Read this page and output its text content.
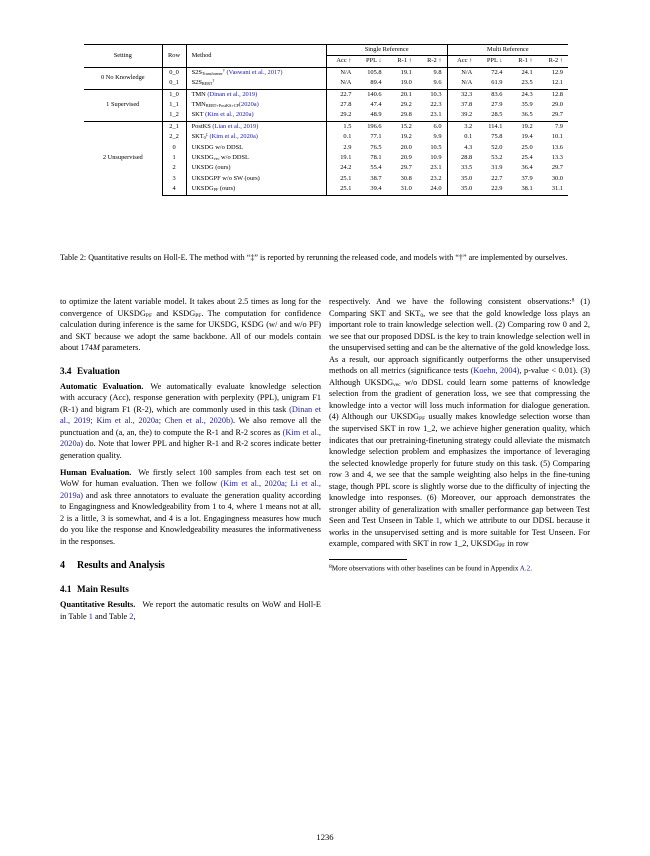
Setting	Row	Method	Single Reference				Multi Reference			
			Acc ↑	PPL ↓	R-1 ↑	R-2 ↑	Acc ↑	PPL ↓	R-1 ↑	R-2 ↑
0 No Knowledge	0_0	$S2S_{Transformer}^\dagger$ (Vaswani et al., 2017)	N/A	105.8	19.1	9.8	N/A	72.4	24.1	12.9
	0_1	$S2S_{BERT}^\dagger$	N/A	89.4	19.0	9.6	N/A	61.9	23.5	12.1
1 Supervised	1_0	TMN (Dinan et al., 2019)	22.7	140.6	20.1	10.3	32.3	83.6	24.3	12.8
	1_1	$TMN_{BERT+PostKS+CP}(2020a)$	27.8	47.4	29.2	22.3	37.8	27.9	35.9	29.0
	1_2	SKT (Kim et al., 2020a)	29.2	48.9	29.8	23.1	39.2	28.5	36.5	29.7
2 Unsupervised	2_1	PostKS (Lian et al., 2019)	1.5	196.6	15.2	6.0	3.2	114.1	19.2	7.9
	2_2	$SKT_0^\ddagger$ (Kim et al., 2020a)	0.1	77.1	19.2	9.9	0.1	75.8	19.4	10.1
	0	UKSDG w/o DDSL	2.9	76.5	20.0	10.5	4.3	52.0	25.0	13.6
	1	$UKSDG_{vec}$ w/o DDSL	19.1	78.1	20.9	10.9	28.8	53.2	25.4	13.3
	2	UKSDG (ours)	24.2	55.4	29.7	23.1	33.5	31.9	36.4	29.7
	3	UKSDGPF w/o SW (ours)	25.1	38.7	30.8	23.2	35.0	22.7	37.9	30.0
	4	$UKSDG_{PF}$ (ours)	25.1	39.4	31.0	24.0	35.0	22.9	38.1	31.1
Table 2: Quantitative results on Holl-E. The method with “‡” is reported by rerunning the released code, and models with “†” are implemented by ourselves.

to optimize the latent variable model. It takes about 2.5 times as long for the convergence of $UKSDG_{PF}$ and $KSDG_{PF}$. The computation for confidence calculation during inference is the same for UKSDG, KSDG (w/ and w/o PF) and SKT because we adopt the same backbone. All of our models contain about 174M parameters.

3.4 Evaluation

Automatic Evaluation. We automatically evaluate knowledge selection with accuracy (Acc), response generation with perplexity (PPL), unigram F1 (R-1) and bigram F1 (R-2), which are commonly used in this task (Dinan et al., 2019; Kim et al., 2020a; Chen et al., 2020b). We also remove all the punctuation and (a, an, the) to compute the R-1 and R-2 scores as (Kim et al., 2020a) do. Note that lower PPL and higher R-1 and R-2 scores indicate better generation quality.

Human Evaluation. We firstly select 100 samples from each test set on WoW for human evaluation. Then we follow (Kim et al., 2020a; Li et al., 2019a) and ask three annotators to evaluate the generation quality according to Engagingness and Knowledgeability from 1 to 4, where 1 means not at all, 2 is a little, 3 is somewhat, and 4 is a lot. Engagingness measures how much do you like the response and Knowledgeability measures the informativeness in the responses.

4 Results and Analysis
4.1 Main Results

Quantitative Results. We report the automatic results on WoW and Holl-E in Table 1 and Table 2,

respectively. And we have the following consistent observations:$^8$ (1) Comparing SKT and $SKT_0$, we see that the gold knowledge loss plays an important role to train knowledge selection well. (2) Comparing row 0 and 2, we see that our proposed DDSL is the key to train knowledge selection well in the unsupervised setting and can be the alternative of the gold knowledge loss. As a result, our approach significantly outperforms the other unsupervised methods on all metrics (significance tests (Koehn, 2004), p-value < 0.01). (3) Although $UKSDG_{vec}$ w/o DDSL could learn some patterns of knowledge selection from the gradient of generation loss, we see that compressing the knowledge into a vector will loss much information for dialogue generation. (4) Although our $UKSDG_{PF}$ usually makes knowledge selection worse than the supervised SKT in row 1_2, we achieve higher generation quality, which indicates that our pretraining-finetuning strategy could alleviate the mismatch knowledge selection problem and emphasizes the importance of leveraging the selected knowledge properly for future study on this task. (5) Comparing row 3 and 4, we see that the sample weighting also helps in the fine-tuning stage, though PPL score is slightly worse due to the difficulty of injecting the knowledge into responses. (6) Moreover, our approach demonstrates the stronger ability of generalization with smaller performance gap between Test Seen and Test Unseen in Table 1, which we attribute to our DDSL because it works in the unsupervised setting and is more suitable for Test Unseen. For example, compared with SKT in row 1_2, $UKSDG_{PF}$ in row

$^8$More observations with other baselines can be found in Appendix A.2.
1236
